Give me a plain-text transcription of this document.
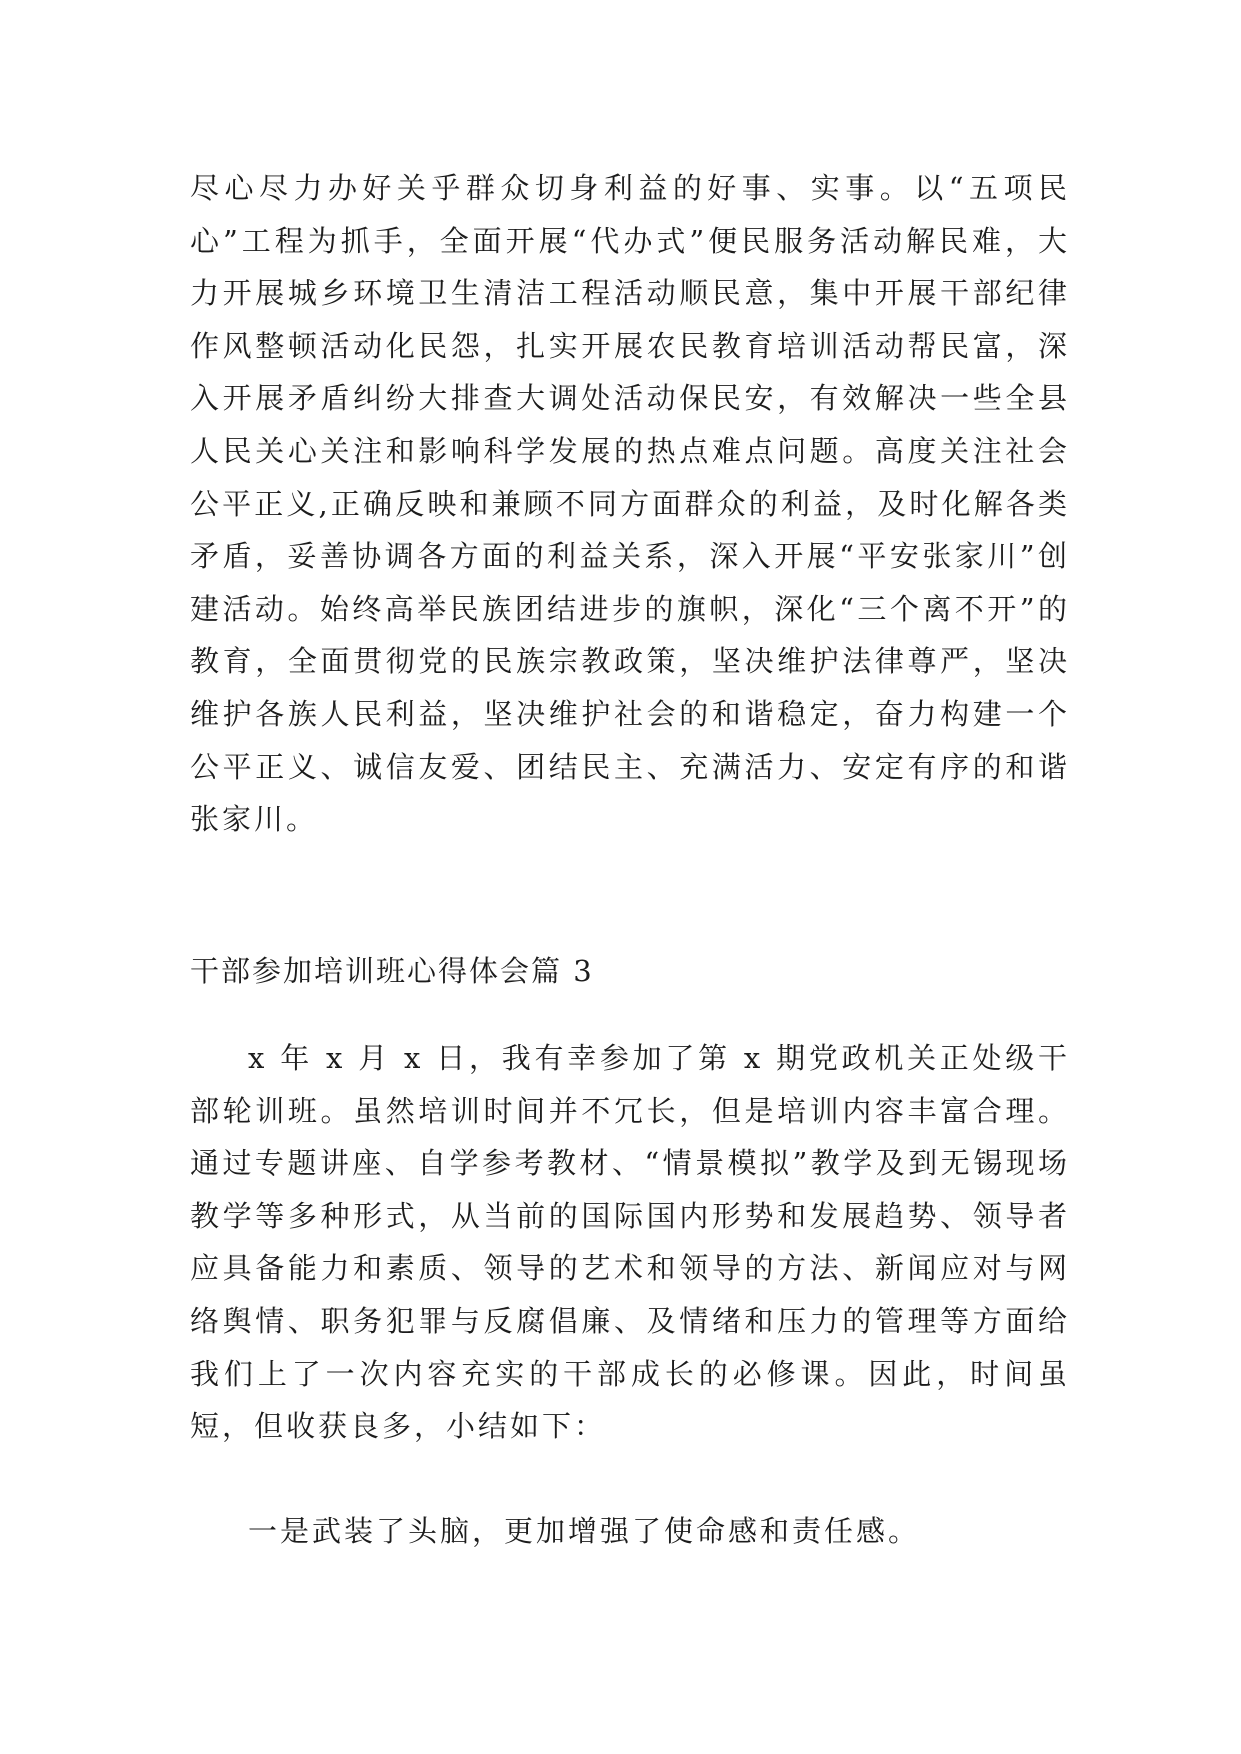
尽心尽力办好关乎群众切身利益的好事、实事。以“五项民心”工程为抓手，全面开展“代办式”便民服务活动解民难，大力开展城乡环境卫生清洁工程活动顺民意，集中开展干部纪律作风整顿活动化民怨，扎实开展农民教育培训活动帮民富，深入开展矛盾纠纷大排查大调处活动保民安，有效解决一些全县人民关心关注和影响科学发展的热点难点问题。高度关注社会公平正义,正确反映和兼顾不同方面群众的利益，及时化解各类矛盾，妥善协调各方面的利益关系，深入开展“平安张家川”创建活动。始终高举民族团结进步的旗帜，深化“三个离不开”的教育，全面贯彻党的民族宗教政策，坚决维护法律尊严，坚决维护各族人民利益，坚决维护社会的和谐稳定，奋力构建一个公平正义、诚信友爱、团结民主、充满活力、安定有序的和谐张家川。

干部参加培训班心得体会篇 3

x 年 x 月 x 日，我有幸参加了第 x 期党政机关正处级干部轮训班。虽然培训时间并不冗长，但是培训内容丰富合理。通过专题讲座、自学参考教材、“情景模拟”教学及到无锡现场教学等多种形式，从当前的国际国内形势和发展趋势、领导者应具备能力和素质、领导的艺术和领导的方法、新闻应对与网络舆情、职务犯罪与反腐倡廉、及情绪和压力的管理等方面给我们上了一次内容充实的干部成长的必修课。因此，时间虽短，但收获良多，小结如下：

一是武装了头脑，更加增强了使命感和责任感。
